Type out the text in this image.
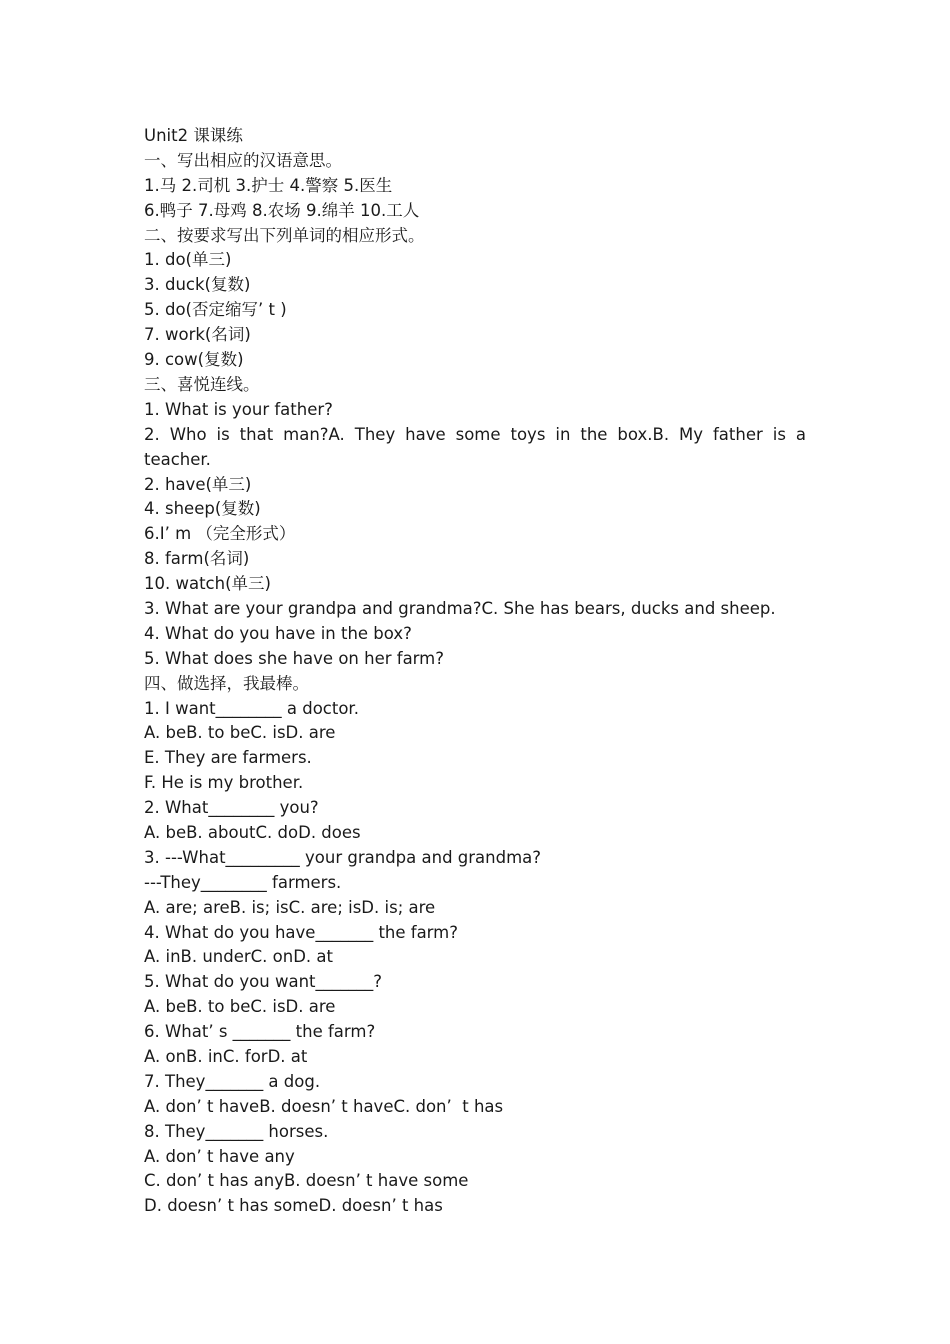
Unit2 课课练
一、写出相应的汉语意思。
1.马 2.司机 3.护士 4.警察 5.医生
6.鸭子 7.母鸡 8.农场 9.绵羊 10.工人
二、按要求写出下列单词的相应形式。
1. do(单三)
3. duck(复数)
5. do(否定缩写’ t )
7. work(名词)
9. cow(复数)
三、喜悦连线。
1. What is your father?
2. Who is that man?A. They have some toys in the box.B. My father is a teacher.
2. have(单三)
4. sheep(复数)
6.I’ m （完全形式）
8. farm(名词)
10. watch(单三)
3. What are your grandpa and grandma?C. She has bears, ducks and sheep.
4. What do you have in the box?
5. What does she have on her farm?
四、做选择，我最棒。
1. I want________ a doctor.
A. beB. to beC. isD. are
E. They are farmers.
F. He is my brother.
2. What________ you?
A. beB. aboutC. doD. does
3. ---What_________ your grandpa and grandma?
---They________ farmers.
A. are; areB. is; isC. are; isD. is; are
4. What do you have_______ the farm?
A. inB. underC. onD. at
5. What do you want_______?
A. beB. to beC. isD. are
6. What’ s _______ the farm?
A. onB. inC. forD. at
7. They_______ a dog.
A. don’ t haveB. doesn’ t haveC. don’  t has
8. They_______ horses.
A. don’ t have any
C. don’ t has anyB. doesn’ t have some
D. doesn’ t has someD. doesn’ t has
